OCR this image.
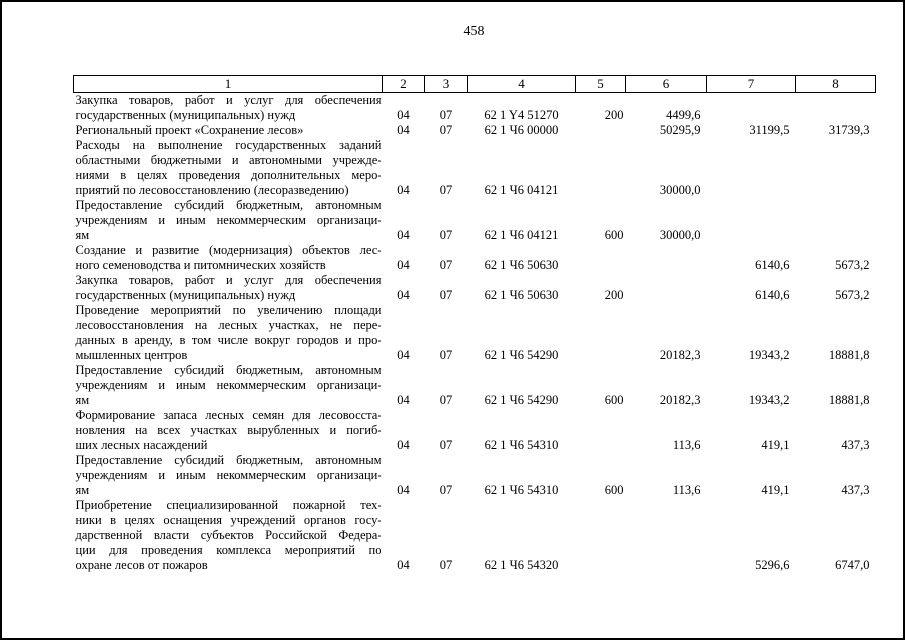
458
1	2	3	4	5	6	7	8

Закупка товаров, работ и услуг для обеспечения
государственных (муниципальных) нужд	04	07	62 1 Y4 51270	200	4499,6		

Региональный проект «Сохранение лесов»	04	07	62 1 Ч6 00000		50295,9	31199,5	31739,3

Расходы на выполнение государственных заданий
областными бюджетными и автономными учрежде-
ниями в целях проведения дополнительных меро-
приятий по лесовосстановлению (лесоразведению)	04	07	62 1 Ч6 04121		30000,0		

Предоставление субсидий бюджетным, автономным
учреждениям и иным некоммерческим организаци-
ям	04	07	62 1 Ч6 04121	600	30000,0		

Создание и развитие (модернизация) объектов лес-
ного семеноводства и питомнических хозяйств	04	07	62 1 Ч6 50630			6140,6	5673,2

Закупка товаров, работ и услуг для обеспечения
государственных (муниципальных) нужд	04	07	62 1 Ч6 50630	200		6140,6	5673,2

Проведение мероприятий по увеличению площади
лесовосстановления на лесных участках, не пере-
данных в аренду, в том числе вокруг городов и про-
мышленных центров	04	07	62 1 Ч6 54290		20182,3	19343,2	18881,8

Предоставление субсидий бюджетным, автономным
учреждениям и иным некоммерческим организаци-
ям	04	07	62 1 Ч6 54290	600	20182,3	19343,2	18881,8

Формирование запаса лесных семян для лесовосста-
новления на всех участках вырубленных и погиб-
ших лесных насаждений	04	07	62 1 Ч6 54310		113,6	419,1	437,3

Предоставление субсидий бюджетным, автономным
учреждениям и иным некоммерческим организаци-
ям	04	07	62 1 Ч6 54310	600	113,6	419,1	437,3

Приобретение специализированной пожарной тех-
ники в целях оснащения учреждений органов госу-
дарственной власти субъектов Российской Федера-
ции для проведения комплекса мероприятий по
охране лесов от пожаров	04	07	62 1 Ч6 54320			5296,6	6747,0
